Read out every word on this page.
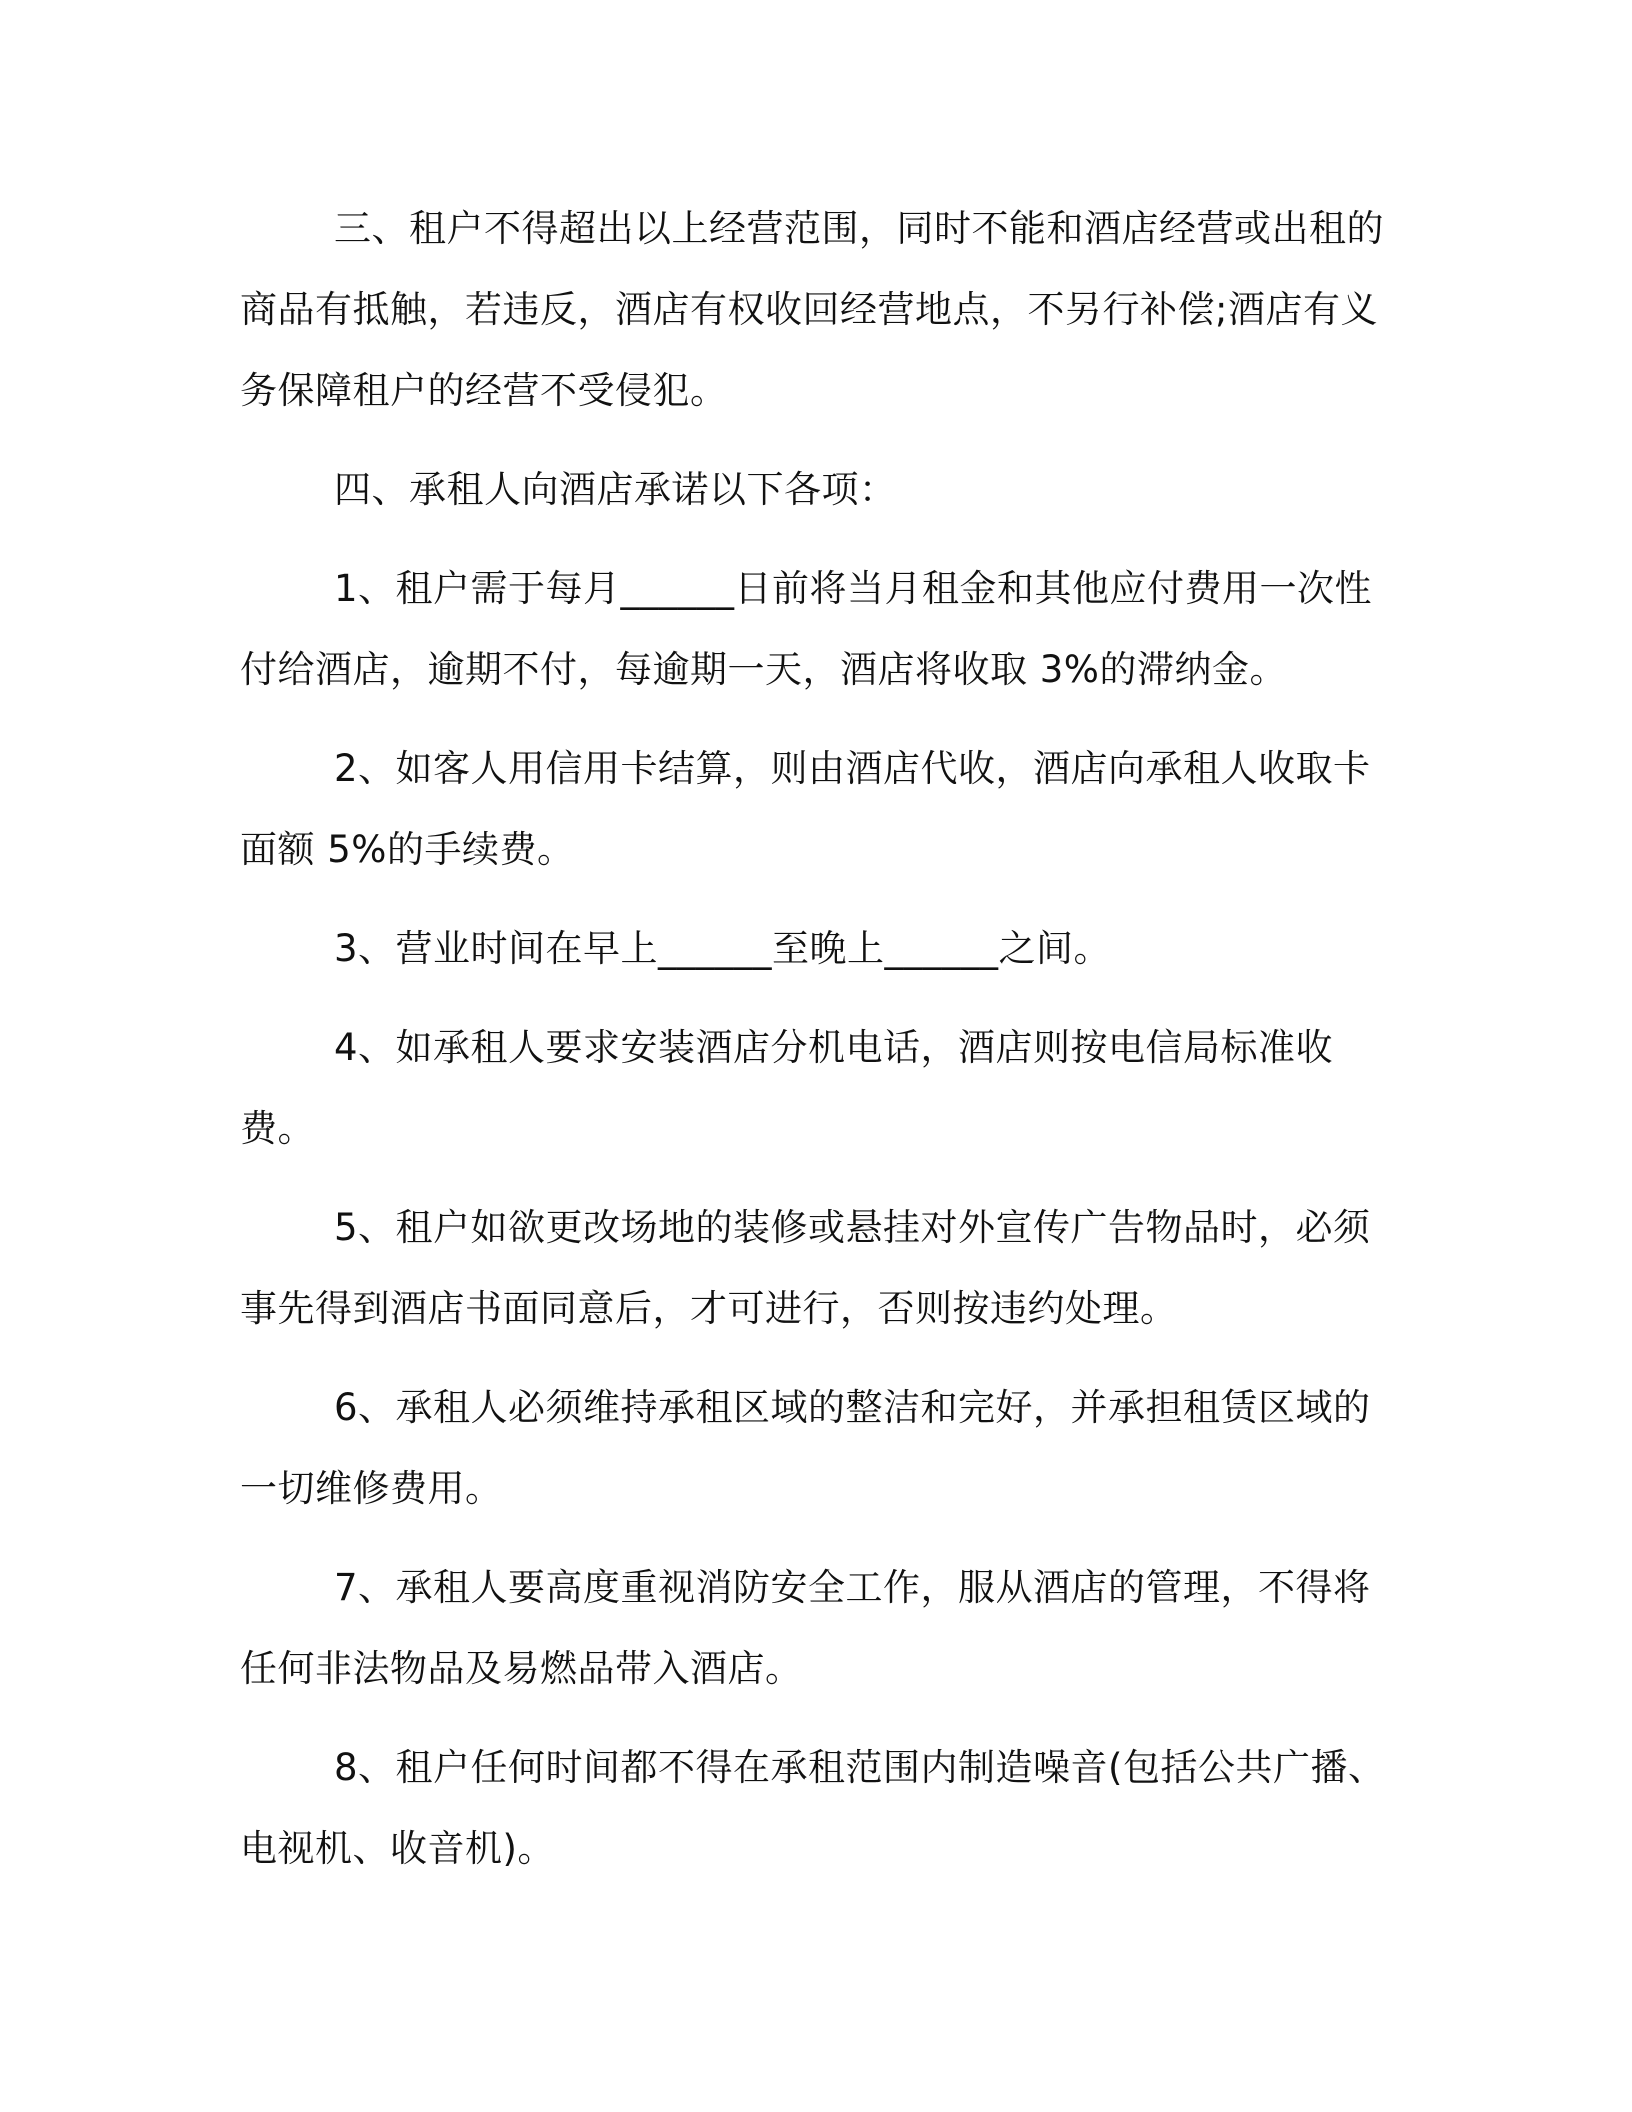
三、租户不得超出以上经营范围，同时不能和酒店经营或出租的商品有抵触，若违反，酒店有权收回经营地点，不另行补偿;酒店有义务保障租户的经营不受侵犯。

四、承租人向酒店承诺以下各项：

1、租户需于每月______日前将当月租金和其他应付费用一次性付给酒店，逾期不付，每逾期一天，酒店将收取 3%的滞纳金。

2、如客人用信用卡结算，则由酒店代收，酒店向承租人收取卡面额 5%的手续费。

3、营业时间在早上______至晚上______之间。

4、如承租人要求安装酒店分机电话，酒店则按电信局标准收费。

5、租户如欲更改场地的装修或悬挂对外宣传广告物品时，必须事先得到酒店书面同意后，才可进行，否则按违约处理。

6、承租人必须维持承租区域的整洁和完好，并承担租赁区域的一切维修费用。

7、承租人要高度重视消防安全工作，服从酒店的管理，不得将任何非法物品及易燃品带入酒店。

8、租户任何时间都不得在承租范围内制造噪音(包括公共广播、电视机、收音机)。
